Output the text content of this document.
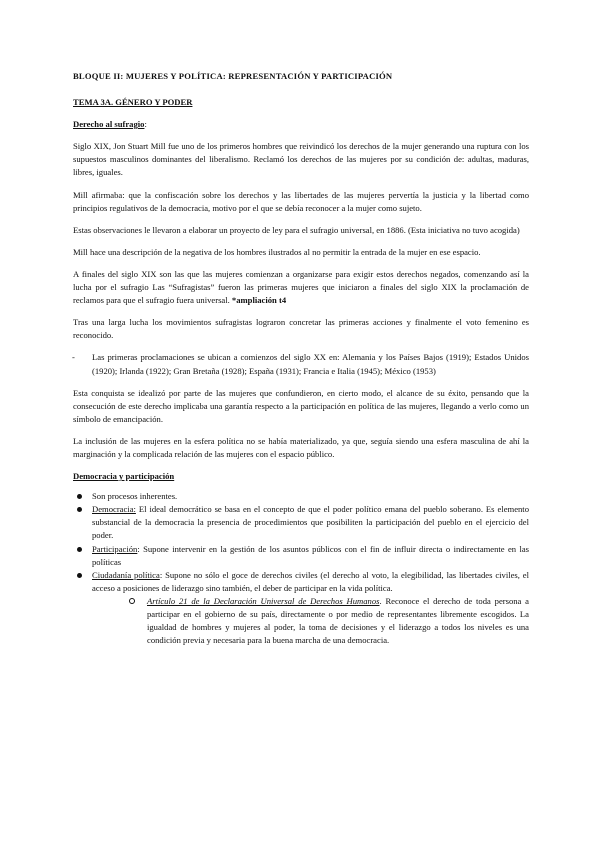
BLOQUE II: MUJERES Y POLÍTICA: REPRESENTACIÓN Y PARTICIPACIÓN

TEMA 3A. GÉNERO Y PODER

Derecho al sufragio:

Siglo XIX, Jon Stuart Mill fue uno de los primeros hombres que reivindicó los derechos de la mujer generando una ruptura con los supuestos masculinos dominantes del liberalismo. Reclamó los derechos de las mujeres por su condición de: adultas, maduras, libres, iguales.

Mill afirmaba: que la confiscación sobre los derechos y las libertades de las mujeres pervertía la justicia y la libertad como principios regulativos de la democracia, motivo por el que se debía reconocer a la mujer como sujeto.

Estas observaciones le llevaron a elaborar un proyecto de ley para el sufragio universal, en 1886. (Esta iniciativa no tuvo acogida)

Mill hace una descripción de la negativa de los hombres ilustrados al no permitir la entrada de la mujer en ese espacio.

A finales del siglo XIX son las que las mujeres comienzan a organizarse para exigir estos derechos negados, comenzando así la lucha por el sufragio Las “Sufragistas” fueron las primeras mujeres que iniciaron a finales del siglo XIX la proclamación de reclamos para que el sufragio fuera universal. *ampliación t4

Tras una larga lucha los movimientos sufragistas lograron concretar las primeras acciones y finalmente el voto femenino es reconocido.

- Las primeras proclamaciones se ubican a comienzos del siglo XX en: Alemania y los Países Bajos (1919); Estados Unidos (1920); Irlanda (1922); Gran Bretaña (1928); España (1931); Francia e Italia (1945); México (1953)

Esta conquista se idealizó por parte de las mujeres que confundieron, en cierto modo, el alcance de su éxito, pensando que la consecución de este derecho implicaba una garantía respecto a la participación en política de las mujeres, llegando a verlo como un símbolo de emancipación.

La inclusión de las mujeres en la esfera política no se había materializado, ya que, seguía siendo una esfera masculina de ahí la marginación y la complicada relación de las mujeres con el espacio público.

Democracia y participación

Son procesos inherentes.
Democracia: El ideal democrático se basa en el concepto de que el poder político emana del pueblo soberano. Es elemento substancial de la democracia la presencia de procedimientos que posibiliten la participación del pueblo en el ejercicio del poder.
Participación: Supone intervenir en la gestión de los asuntos públicos con el fin de influir directa o indirectamente en las políticas
Ciudadanía política: Supone no sólo el goce de derechos civiles (el derecho al voto, la elegibilidad, las libertades civiles, el acceso a posiciones de liderazgo sino también, el deber de participar en la vida política.
Artículo 21 de la Declaración Universal de Derechos Humanos. Reconoce el derecho de toda persona a participar en el gobierno de su país, directamente o por medio de representantes libremente escogidos. La igualdad de hombres y mujeres al poder, la toma de decisiones y el liderazgo a todos los niveles es una condición previa y necesaria para la buena marcha de una democracia.
